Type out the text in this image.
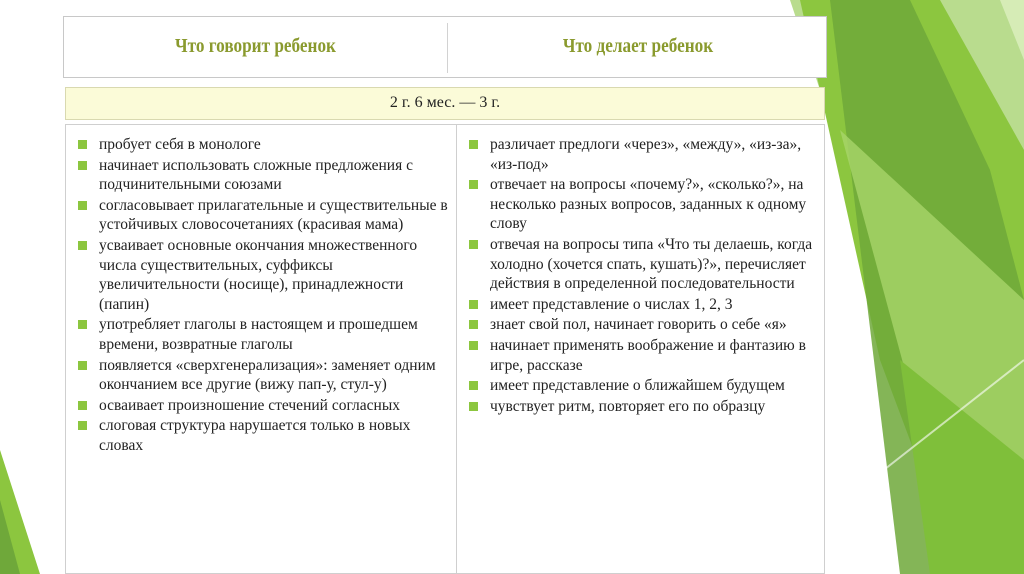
Что говорит ребенок	Что делает ребенок
2 г. 6 мес. — 3 г.
пробует себя в монологе
начинает использовать сложные предложения с подчинительными союзами
согласовывает прилагательные и существительные в устойчивых словосочетаниях (красивая мама)
усваивает основные окончания множественного числа существительных, суффиксы увеличительности (носище), принадлежности (папин)
употребляет глаголы в настоящем и прошедшем времени, возвратные глаголы
появляется «сверхгенерализация»: заменяет одним окончанием все другие (вижу пап-у, стул-у)
осваивает произношение стечений согласных
слоговая структура нарушается только в новых словах
различает предлоги «через», «между», «из-за», «из-под»
отвечает на вопросы «почему?», «сколько?», на несколько разных вопросов, заданных к одному слову
отвечая на вопросы типа «Что ты делаешь, когда холодно (хочется спать, кушать)?», перечисляет действия в определенной последовательности
имеет представление о числах 1, 2, 3
знает свой пол, начинает говорить о себе «я»
начинает применять воображение и фантазию в игре, рассказе
имеет представление о ближайшем будущем
чувствует ритм, повторяет его по образцу
